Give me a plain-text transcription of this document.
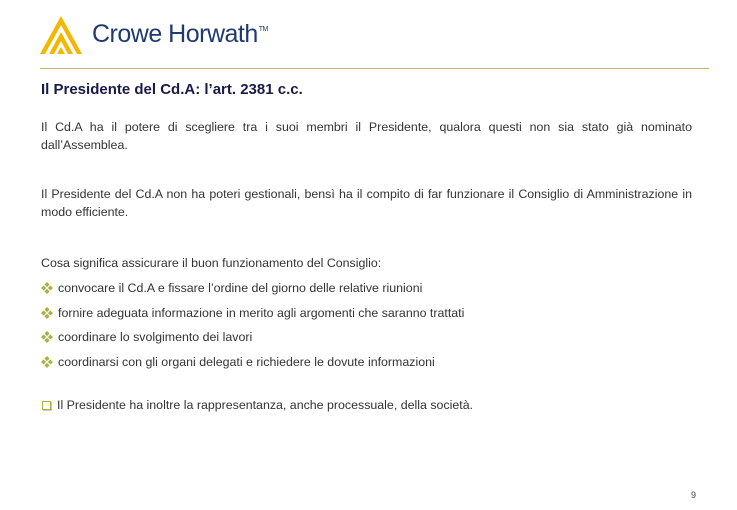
Crowe HorwathTM
Il Presidente del Cd.A: l’art. 2381 c.c.

Il Cd.A ha il potere di scegliere tra i suoi membri il Presidente, qualora questi non sia stato già nominato dall’Assemblea.

Il Presidente del Cd.A non ha poteri gestionali, bensì ha il compito di far funzionare il Consiglio di Amministrazione in modo efficiente.

Cosa significa assicurare il buon funzionamento del Consiglio:

convocare il Cd.A e fissare l’ordine del giorno delle relative riunioni
fornire adeguata informazione in merito agli argomenti che saranno trattati
coordinare lo svolgimento dei lavori
coordinarsi con gli organi delegati e richiedere le dovute informazioni
Il Presidente ha inoltre la rappresentanza, anche processuale, della società.
9
